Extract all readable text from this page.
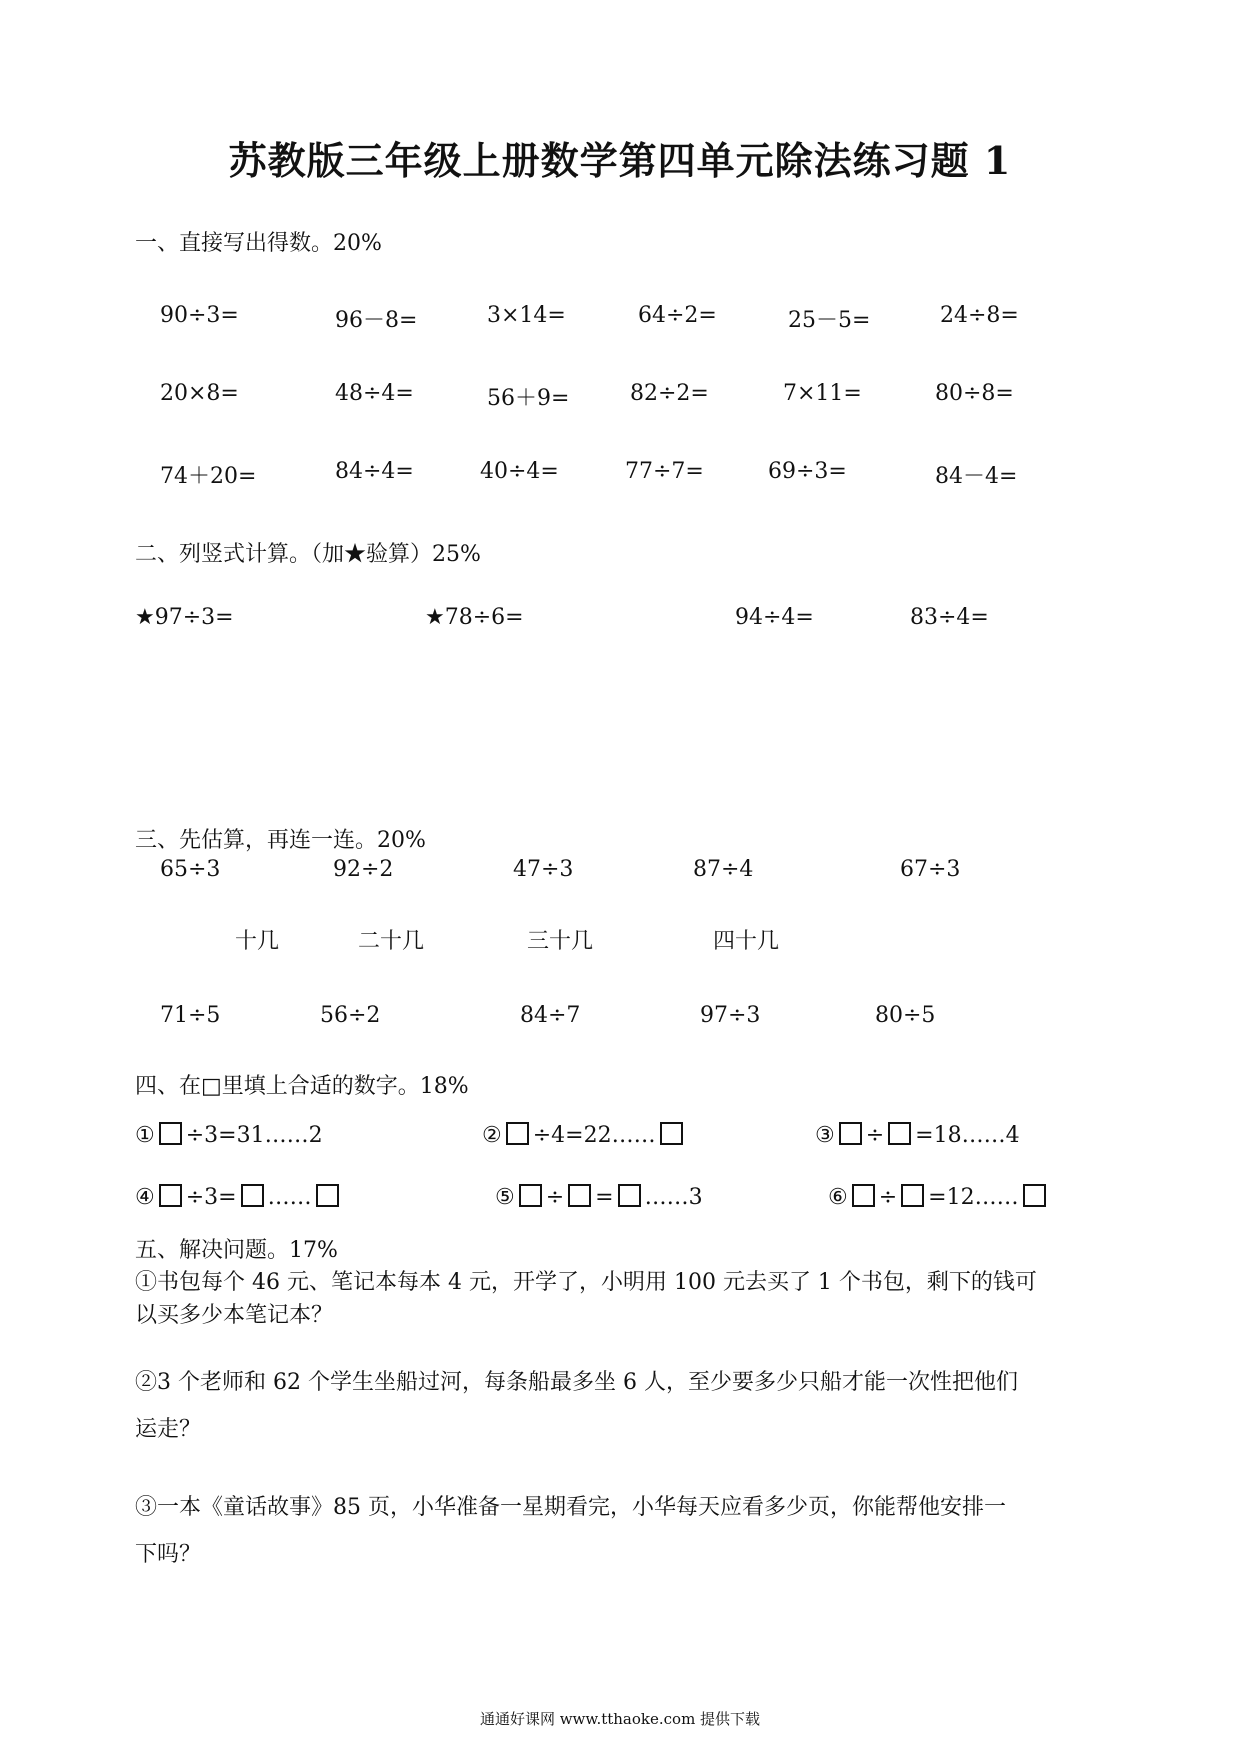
苏教版三年级上册数学第四单元除法练习题 1
一、直接写出得数。20%
90÷3=	96－8=	3×14=	64÷2=	25－5=	24÷8=
20×8=	48÷4=	56＋9=	82÷2=	7×11=	80÷8=
74＋20=	84÷4=	40÷4=	77÷7=	69÷3=	84－4=
二、列竖式计算。（加★验算）25%
★97÷3=	★78÷6=	94÷4=	83÷4=
三、先估算，再连一连。20%
65÷3	92÷2	47÷3	87÷4	67÷3
十几	二十几	三十几	四十几
71÷5	56÷2	84÷7	97÷3	80÷5
四、在□里填上合适的数字。18%
① ÷3=31……2	② ÷4=22……	③ ÷ =18……4
④ ÷3= ……	⑤ ÷ = ……3	⑥ ÷ =12……
五、解决问题。17%
①书包每个 46 元、笔记本每本 4 元，开学了，小明用 100 元去买了 1 个书包，剩下的钱可
以买多少本笔记本？
②3 个老师和 62 个学生坐船过河，每条船最多坐 6 人，至少要多少只船才能一次性把他们
运走？
③一本《童话故事》85 页，小华准备一星期看完，小华每天应看多少页，你能帮他安排一
下吗？
通通好课网 www.tthaoke.com 提供下载
